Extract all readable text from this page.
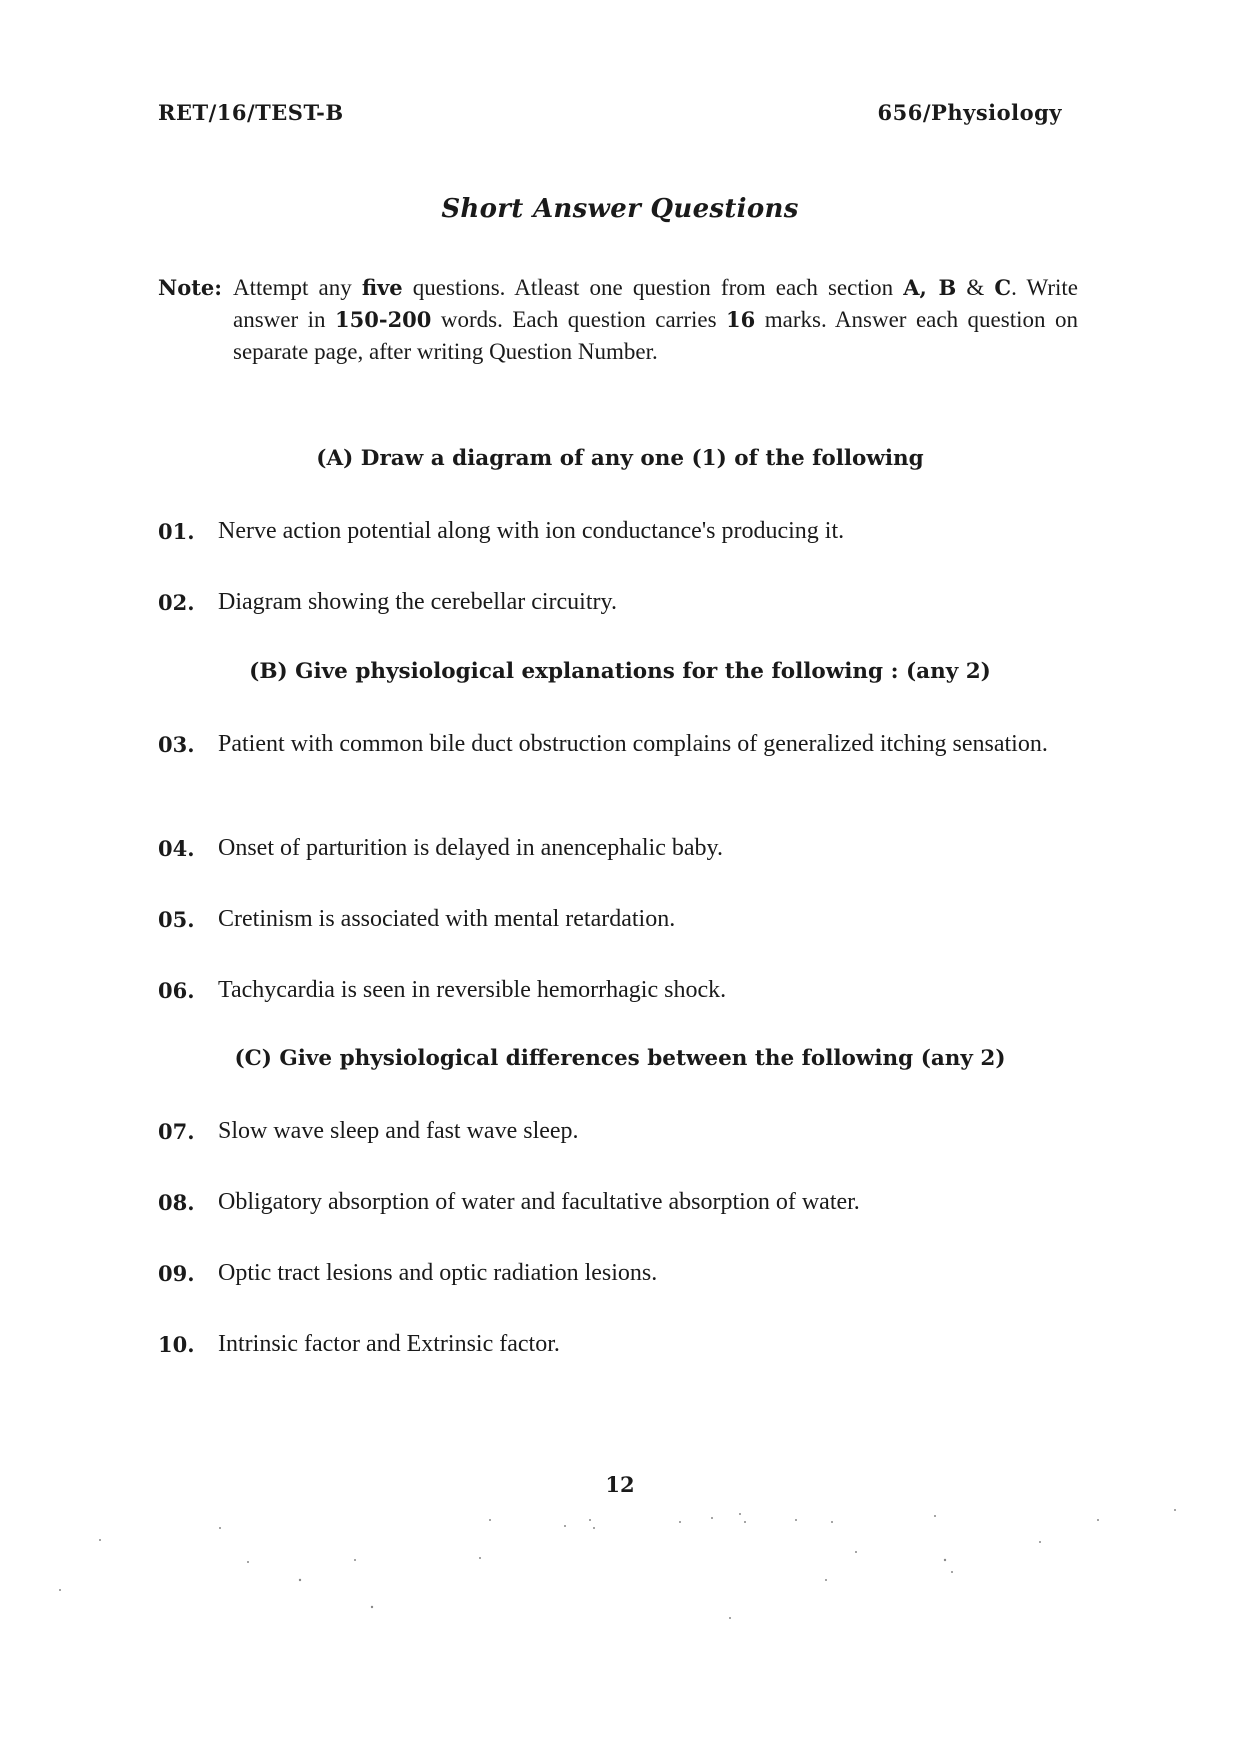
RET/16/TEST-B	656/Physiology
Short Answer Questions
Note: Attempt any five questions. Atleast one question from each section A, B & C. Write answer in 150-200 words. Each question carries 16 marks. Answer each question on separate page, after writing Question Number.
(A) Draw a diagram of any one (1) of the following
01. Nerve action potential along with ion conductance's producing it.
02. Diagram showing the cerebellar circuitry.
(B) Give physiological explanations for the following : (any 2)
03. Patient with common bile duct obstruction complains of generalized itching sensation.
04. Onset of parturition is delayed in anencephalic baby.
05. Cretinism is associated with mental retardation.
06. Tachycardia is seen in reversible hemorrhagic shock.
(C) Give physiological differences between the following (any 2)
07. Slow wave sleep and fast wave sleep.
08. Obligatory absorption of water and facultative absorption of water.
09. Optic tract lesions and optic radiation lesions.
10. Intrinsic factor and Extrinsic factor.
12
